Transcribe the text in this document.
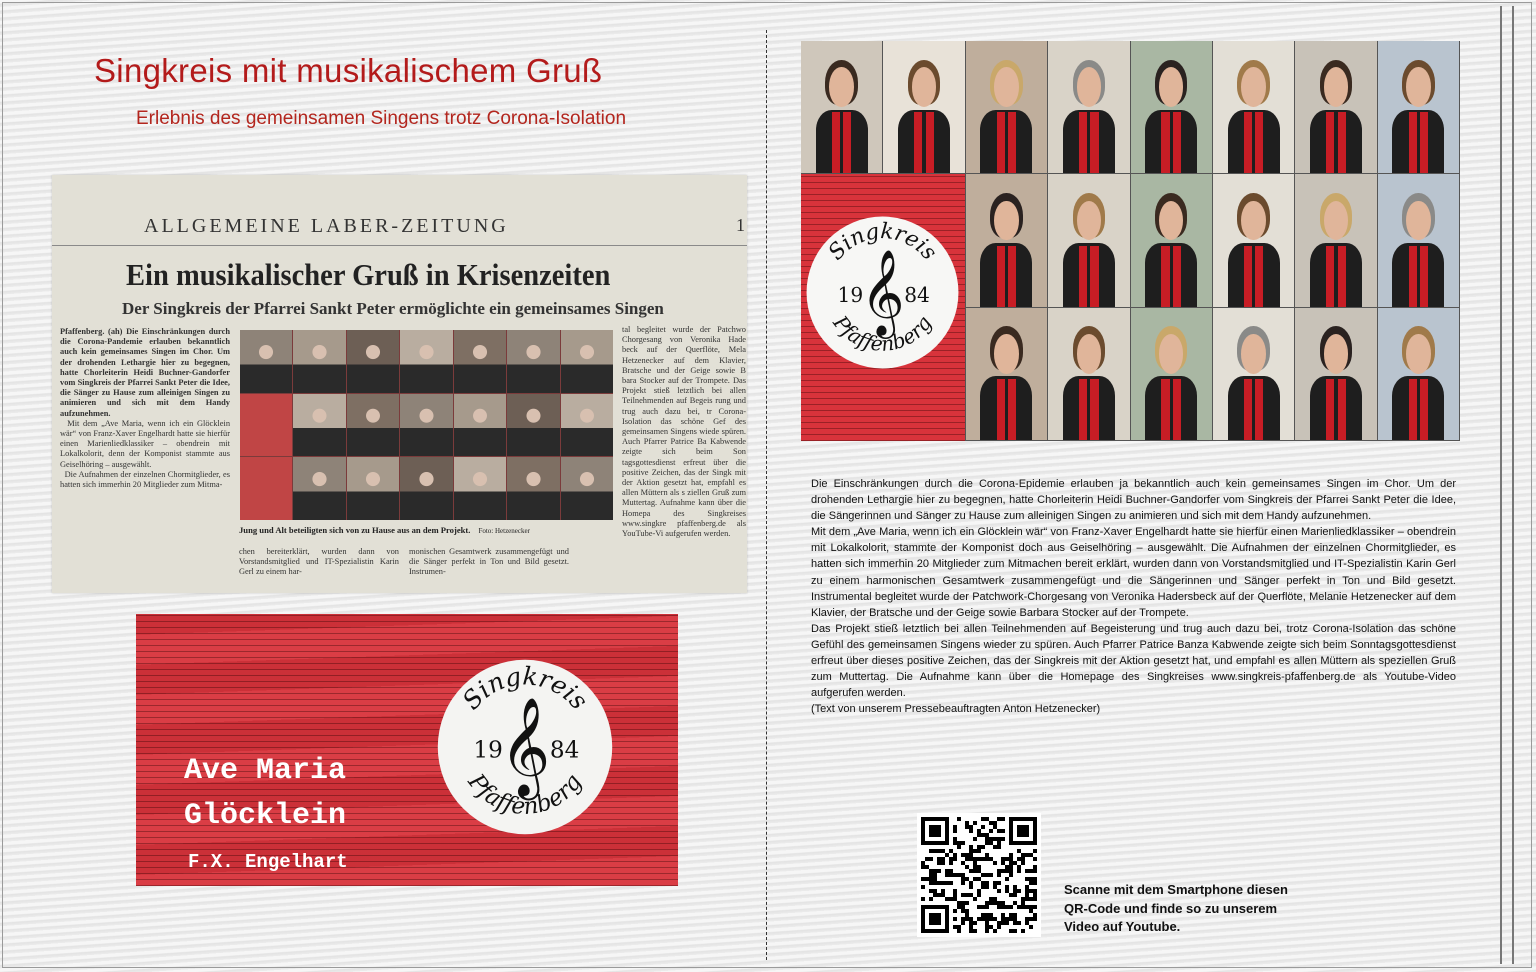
Singkreis mit musikalischem Gruß
Erlebnis des gemeinsamen Singens trotz Corona-Isolation
ALLGEMEINE LABER-ZEITUNG	1
Ein musikalischer Gruß in Krisenzeiten
Der Singkreis der Pfarrei Sankt Peter ermöglichte ein gemeinsames Singen
Pfaffenberg. (ah) Die Einschränkungen durch die Corona-Pandemie erlauben bekanntlich auch kein gemeinsames Singen im Chor. Um der drohenden Lethargie hier zu begegnen, hatte Chorleiterin Heidi Buchner-Gandorfer vom Singkreis der Pfarrei Sankt Peter die Idee, die Sänger zu Hause zum alleinigen Singen zu animieren und sich mit dem Handy aufzunehmen.
Mit dem „Ave Maria, wenn ich ein Glöcklein wär“ von Franz-Xaver Engelhardt hatte sie hierfür einen Marienliedklassiker – obendrein mit Lokalkolorit, denn der Komponist stammte aus Geiselhöring – ausgewählt.
Die Aufnahmen der einzelnen Chormitglieder, es hatten sich immerhin 20 Mitglieder zum Mitma-
Jung und Alt beteiligten sich von zu Hause aus an dem Projekt. Foto: Hetzenecker
chen bereiterklärt, wurden dann von Vorstandsmitglied und IT-Spezialistin Karin Gerl zu einem har-
monischen Gesamtwerk zusammengefügt und die Sänger perfekt in Ton und Bild gesetzt. Instrumen-
tal begleitet wurde der Patchwo Chorgesang von Veronika Hade beck auf der Querflöte, Mela Hetzenecker auf dem Klavier, Bratsche und der Geige sowie B bara Stocker auf der Trompete. Das Projekt stieß letztlich bei allen Teilnehmenden auf Begeis rung und trug auch dazu bei, tr Corona-Isolation das schöne Gef des gemeinsamen Singens wiede spüren. Auch Pfarrer Patrice Ba Kabwende zeigte sich beim Son tagsgottesdienst erfreut über die positive Zeichen, das der Singk mit der Aktion gesetzt hat, empfahl es allen Müttern als s ziellen Gruß zum Muttertag. Aufnahme kann über die Homepa des Singkreises www.singkre pfaffenberg.de als YouTube-Vi aufgerufen werden.
Ave Maria
Glöcklein
F.X. Engelhart
Singkreis
Pfaffenberg
19 84
𝄞
Singkreis
Pfaffenberg
19 84
𝄞

Die Einschränkungen durch die Corona-Epidemie erlauben ja bekanntlich auch kein gemeinsames Singen im Chor. Um der drohenden Lethargie hier zu begegnen, hatte Chorleiterin Heidi Buchner-Gandorfer vom Singkreis der Pfarrei Sankt Peter die Idee, die Sängerinnen und Sänger zu Hause zum alleinigen Singen zu animieren und sich mit dem Handy aufzunehmen.

Mit dem „Ave Maria, wenn ich ein Glöcklein wär“ von Franz-Xaver Engelhardt hatte sie hierfür einen Marienliedklassiker – obendrein mit Lokalkolorit, stammte der Komponist doch aus Geiselhöring – ausgewählt. Die Aufnahmen der einzelnen Chormitglieder, es hatten sich immerhin 20 Mitglieder zum Mitmachen bereit erklärt, wurden dann von Vorstandsmitglied und IT-Spezialistin Karin Gerl zu einem harmonischen Gesamtwerk zusammengefügt und die Sängerinnen und Sänger perfekt in Ton und Bild gesetzt. Instrumental begleitet wurde der Patchwork-Chorgesang von Veronika Hadersbeck auf der Querflöte, Melanie Hetzenecker auf dem Klavier, der Bratsche und der Geige sowie Barbara Stocker auf der Trompete.

Das Projekt stieß letztlich bei allen Teilnehmenden auf Begeisterung und trug auch dazu bei, trotz Corona-Isolation das schöne Gefühl des gemeinsamen Singens wieder zu spüren. Auch Pfarrer Patrice Banza Kabwende zeigte sich beim Sonntagsgottesdienst erfreut über dieses positive Zeichen, das der Singkreis mit der Aktion gesetzt hat, und empfahl es allen Müttern als speziellen Gruß zum Muttertag. Die Aufnahme kann über die Homepage des Singkreises www.singkreis-pfaffenberg.de als Youtube-Video aufgerufen werden.

(Text von unserem Pressebeauftragten Anton Hetzenecker)

Scanne mit dem Smartphone diesen
QR-Code und finde so zu unserem
Video auf Youtube.
